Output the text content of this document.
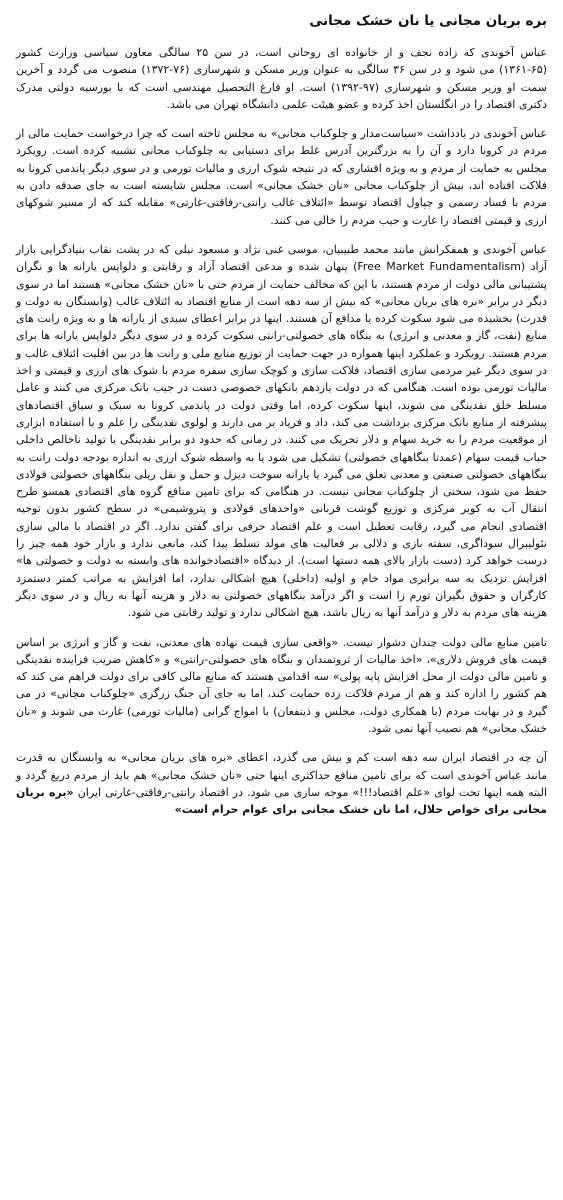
بره بریان مجانی یا نان خشک مجانی

عباس آخوندی که زاده نجف و از خانواده ای روحانی است، در سن ۲۵ سالگی معاون سیاسی وزارت کشور (۶۵-۱۳۶۱) می شود و در سن ۳۶ سالگی به عنوان وزیر مسکن و شهرسازی (۷۶-۱۳۷۲) منصوب می گردد و آخرین سمت او وزیر مسکن و شهرسازی (۹۷-۱۳۹۲) است. او فارغ التحصیل مهندسی است که با بورسیه دولتی مدرک دکتری اقتصاد را در انگلستان اخذ کرده و عضو هیئت علمی دانشگاه تهران می باشد.

عباس آخوندی در یادداشت «سیاست‌مدار و چلوکباب مجانی» به مجلس تاخته است که چرا درخواست حمایت مالی از مردم در کرونا دارد و آن را به بزرگترین آدرس غلط برای دستیابی به چلوکباب مجانی تشبیه کرده است. رویکرد مجلس به حمایت از مردم و به ویژه اقشاری که در نتیجه شوک ارزی و مالیات تورمی و در سوی دیگر پاندمی کرونا به فلاکت افتاده اند، بیش از چلوکباب مجانی «نان خشک مجانی» است. مجلس شایسته است به جای صدقه دادن به مردم با فساد رسمی و چپاول اقتصاد توسط «ائتلاف غالب رانتی-رفاقتی-غارتی» مقابله کند که از مسیر شوکهای ارزی و قیمتی اقتصاد را غارت و جیب مردم را خالی می کنند.

عباس آخوندی و همفکرانش مانند محمد طبیبیان، موسی غنی نژاد و مسعود نیلی که در پشت نقاب بنیادگرایی بازار آزاد (Free Market Fundamentalism) پنهان شده و مدعی اقتصاد آزاد و رقابتی و دلواپس یارانه ها و نگران پشتیبانی مالی دولت از مردم هستند، با این که مخالف حمایت از مردم حتی با «نان خشک مجانی» هستند اما در سوی دیگر در برابر «بره های بریان مجانی» که بیش از سه دهه است از منابع اقتصاد به ائتلاف غالب (وابستگان به دولت و قدرت) بخشیده می شود سکوت کرده یا مدافع آن هستند. اینها در برابر اعطای سبدی از یارانه ها و به ویژه رانت های منابع (نفت، گاز و معدنی و انرژی) به بنگاه های خصولتی-رانتی سکوت کرده و در سوی دیگر دلواپس یارانه ها برای مردم هستند. رویکرد و عملکرد اینها همواره در جهت حمایت از توزیع منابع ملی و رانت ها در بین اقلیت ائتلاف غالب و در سوی دیگر غیر مردمی سازی اقتصاد، فلاکت سازی و کوچک سازی سفره مردم با شوک های ارزی و قیمتی و اخذ مالیات تورمی بوده است. هنگامی که در دولت یازدهم بانکهای خصوصی دست در جیب بانک مرکزی می کنند و عامل مسلط خلق نقدینگی می شوند، اینها سکوت کرده، اما وقتی دولت در پاندمی کرونا به سبک و سیاق اقتصادهای پیشرفته از منابع بانک مرکزی برداشت می کند، داد و فریاد بر می دارند و لولوی نقدینگی را علم و با استفاده ابزاری از موقعیت مردم را به خرید سهام و دلار تحریک می کنند. در زمانی که حدود دو برابر نقدینگی یا تولید ناخالص داخلی حباب قیمت سهام (عمدتا بنگاههای خصولتی) تشکیل می شود یا به واسطه شوک ارزی به اندازه بودجه دولت رانت به بنگاههای خصولتی صنعتی و معدنی تعلق می گیرد یا یارانه سوخت دیزل و حمل و نقل ریلی بنگاههای خصولتی فولادی حفظ می شود، سخنی از چلوکباب مجانی نیست. در هنگامی که برای تامین منافع گروه های اقتصادی همسو طرح انتقال آب به کویر مرکزی و توزیع گوشت قربانی «واحدهای فولادی و پتروشیمی» در سطح کشور بدون توجیه اقتصادی انجام می گیرد، رقابت تعطیل است و علم اقتصاد حرفی برای گفتن ندارد. اگر در اقتصاد با مالی سازی نئولیبرال سوداگری، سفته بازی و دلالی بر فعالیت های مولد تسلط پیدا کند، مانعی ندارد و بازار خود همه چیز را درست خواهد کرد (دست بازار بالای همه دستها است). از دیدگاه «اقتصادخوانده های وابسته به دولت و خصولتی ها» افزایش نزدیک به سه برابری مواد خام و اولیه (داخلی) هیچ اشکالی ندارد، اما افزایش به مراتب کمتر دستمزد کارگران و حقوق بگیران تورم زا است و اگر درآمد بنگاههای خصولتی به دلار و هزینه آنها به ریال و در سوی دیگر هزینه های مردم به دلار و درآمد آنها به ریال باشد، هیچ اشکالی ندارد و تولید رقابتی می شود.

تامین منابع مالی دولت چندان دشوار نیست. «واقعی سازی قیمت نهاده های معدنی، نفت و گاز و انرژی بر اساس قیمت های فروش دلاری»، «اخذ مالیات از ثروتمندان و بنگاه های خصولتی-رانتی» و «کاهش ضریب فزاینده نقدینگی و تامین مالی دولت از محل افزایش پایه پولی» سه اقدامی هستند که منابع مالی کافی برای دولت فراهم می کند که هم کشور را اداره کند و هم از مردم فلاکت زده حمایت کند، اما به جای آن جنگ زرگری «چلوکباب مجانی» در می گیرد و در نهایت مردم (با همکاری دولت، مجلس و ذینفعان) با امواج گرانی (مالیات تورمی) غارت می شوند و «نان خشک مجانی» هم نصیب آنها نمی شود.

آن چه در اقتصاد ایران سه دهه است کم و بیش می گذرد، اعطای «بره های بریان مجانی» به وابستگان به قدرت مانند عباس آخوندی است که برای تامین منافع حداکثری اینها حتی «نان خشک مجانی» هم باید از مردم دریغ گردد و البته همه اینها تحت لوای «علم اقتصاد!!!» موجه سازی می شود. در اقتصاد رانتی-رفاقتی-غارتی ایران «بره بریان مجانی برای خواص حلال، اما نان خشک مجانی برای عوام حرام است»
